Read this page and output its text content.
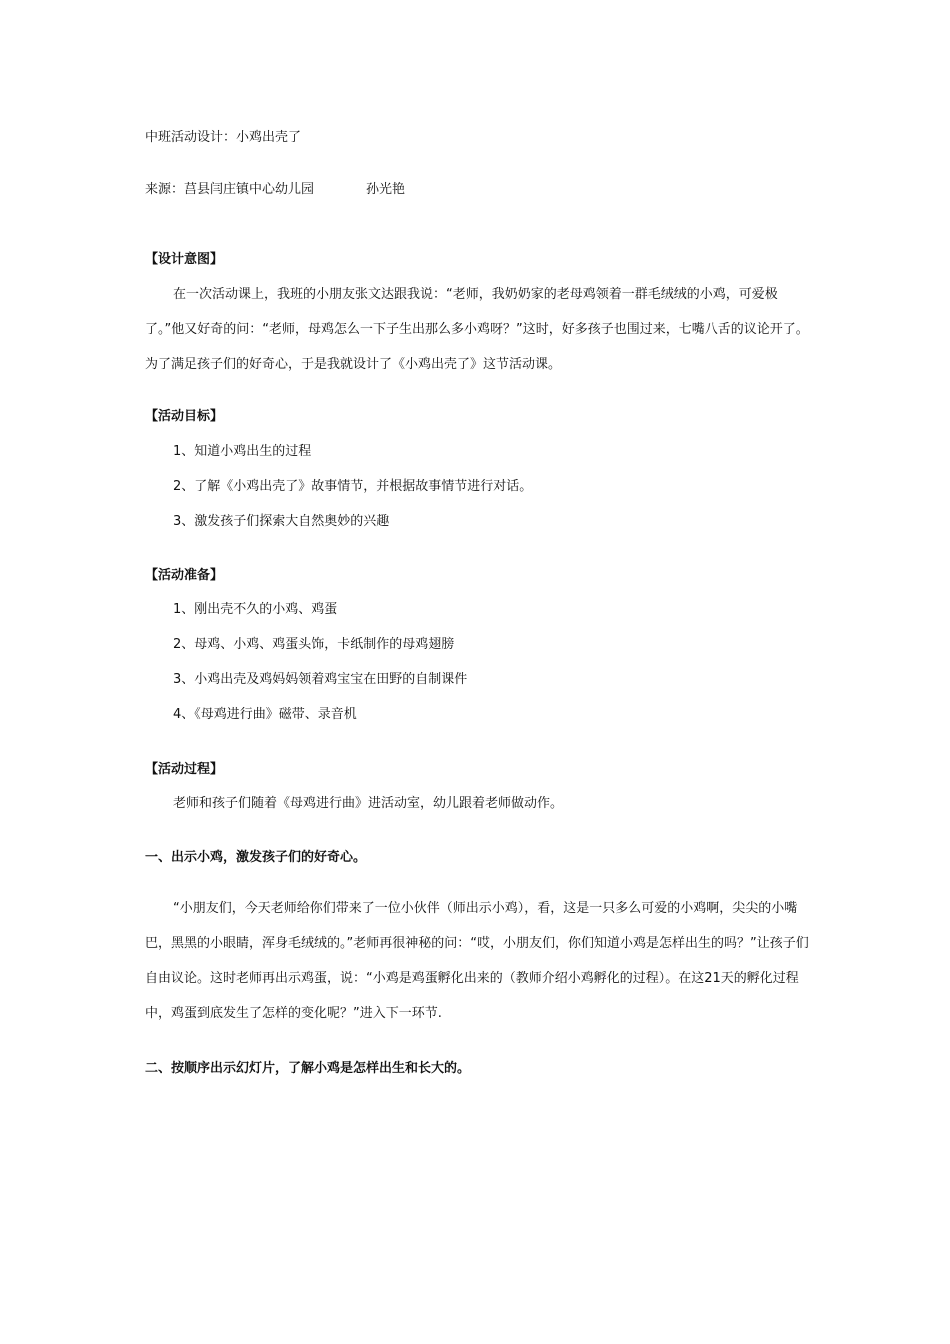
中班活动设计：小鸡出壳了
来源：莒县闫庄镇中心幼儿园	孙光艳
【设计意图】

在一次活动课上，我班的小朋友张文达跟我说：“老师，我奶奶家的老母鸡领着一群毛绒绒的小鸡，可爱极了。”他又好奇的问：“老师，母鸡怎么一下子生出那么多小鸡呀？”这时，好多孩子也围过来，七嘴八舌的议论开了。为了满足孩子们的好奇心，于是我就设计了《小鸡出壳了》这节活动课。

【活动目标】
1、知道小鸡出生的过程
2、了解《小鸡出壳了》故事情节，并根据故事情节进行对话。
3、激发孩子们探索大自然奥妙的兴趣
【活动准备】
1、刚出壳不久的小鸡、鸡蛋
2、母鸡、小鸡、鸡蛋头饰，卡纸制作的母鸡翅膀
3、小鸡出壳及鸡妈妈领着鸡宝宝在田野的自制课件
4、《母鸡进行曲》磁带、录音机
【活动过程】
老师和孩子们随着《母鸡进行曲》进活动室，幼儿跟着老师做动作。
一、出示小鸡，激发孩子们的好奇心。

“小朋友们，今天老师给你们带来了一位小伙伴（师出示小鸡），看，这是一只多么可爱的小鸡啊，尖尖的小嘴巴，黑黑的小眼睛，浑身毛绒绒的。”老师再很神秘的问：“哎，小朋友们，你们知道小鸡是怎样出生的吗？”让孩子们自由议论。这时老师再出示鸡蛋，说：“小鸡是鸡蛋孵化出来的（教师介绍小鸡孵化的过程）。在这21天的孵化过程中，鸡蛋到底发生了怎样的变化呢？”进入下一环节.

二、按顺序出示幻灯片，了解小鸡是怎样出生和长大的。
